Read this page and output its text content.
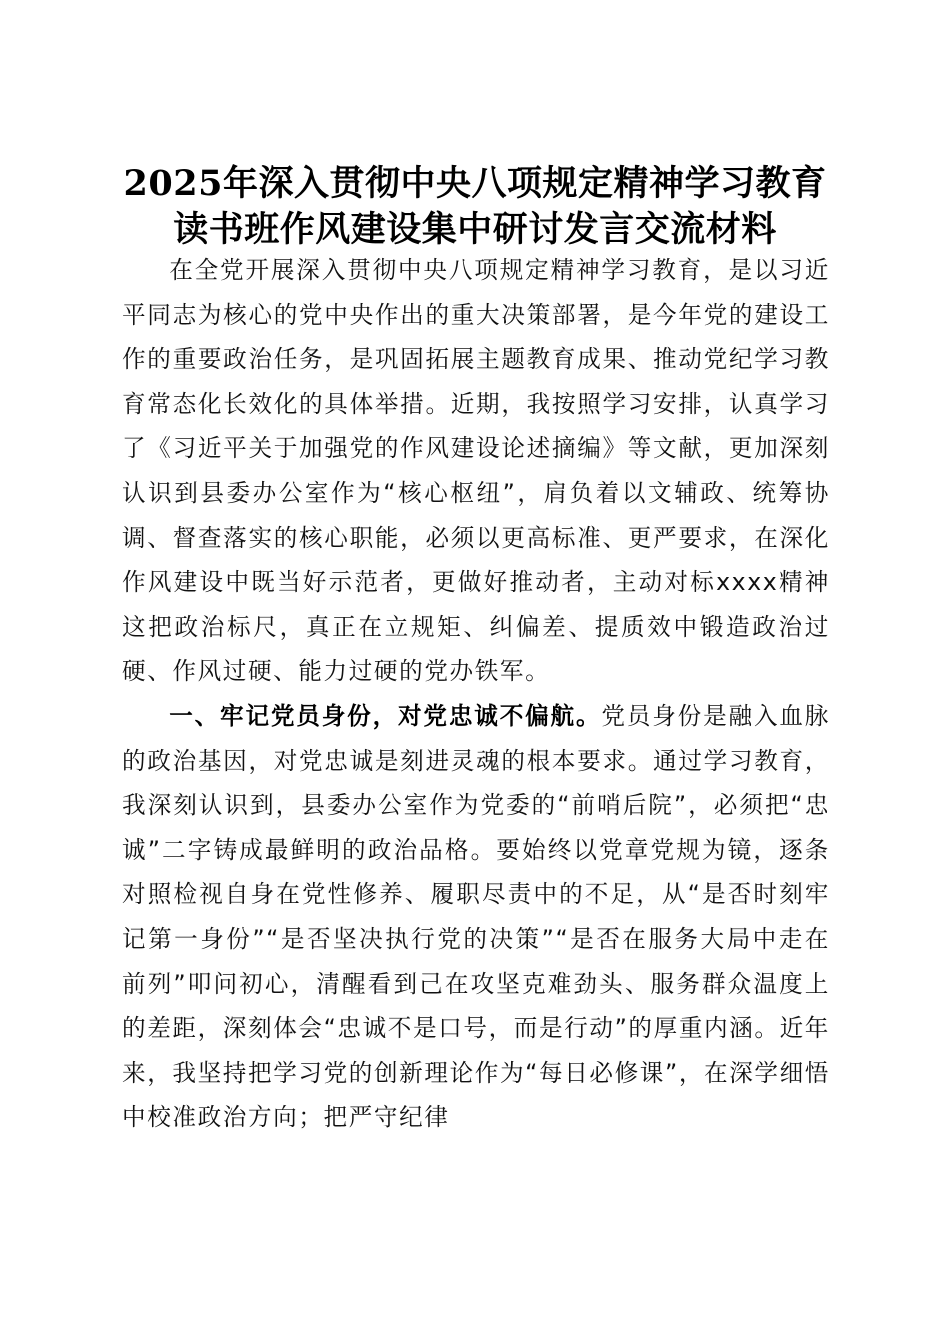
2025年深入贯彻中央八项规定精神学习教育
读书班作风建设集中研讨发言交流材料

在全党开展深入贯彻中央八项规定精神学习教育，是以习近平同志为核心的党中央作出的重大决策部署，是今年党的建设工作的重要政治任务，是巩固拓展主题教育成果、推动党纪学习教育常态化长效化的具体举措。近期，我按照学习安排，认真学习了《习近平关于加强党的作风建设论述摘编》等文献，更加深刻认识到县委办公室作为“核心枢纽”，肩负着以文辅政、统筹协调、督查落实的核心职能，必须以更高标准、更严要求，在深化作风建设中既当好示范者，更做好推动者，主动对标xxxx精神这把政治标尺，真正在立规矩、纠偏差、提质效中锻造政治过硬、作风过硬、能力过硬的党办铁军。

一、牢记党员身份，对党忠诚不偏航。党员身份是融入血脉的政治基因，对党忠诚是刻进灵魂的根本要求。通过学习教育，我深刻认识到，县委办公室作为党委的“前哨后院”，必须把“忠诚”二字铸成最鲜明的政治品格。要始终以党章党规为镜，逐条对照检视自身在党性修养、履职尽责中的不足，从“是否时刻牢记第一身份”“是否坚决执行党的决策”“是否在服务大局中走在前列”叩问初心，清醒看到己在攻坚克难劲头、服务群众温度上的差距，深刻体会“忠诚不是口号，而是行动”的厚重内涵。近年来，我坚持把学习党的创新理论作为“每日必修课”，在深学细悟中校准政治方向；把严守纪律
